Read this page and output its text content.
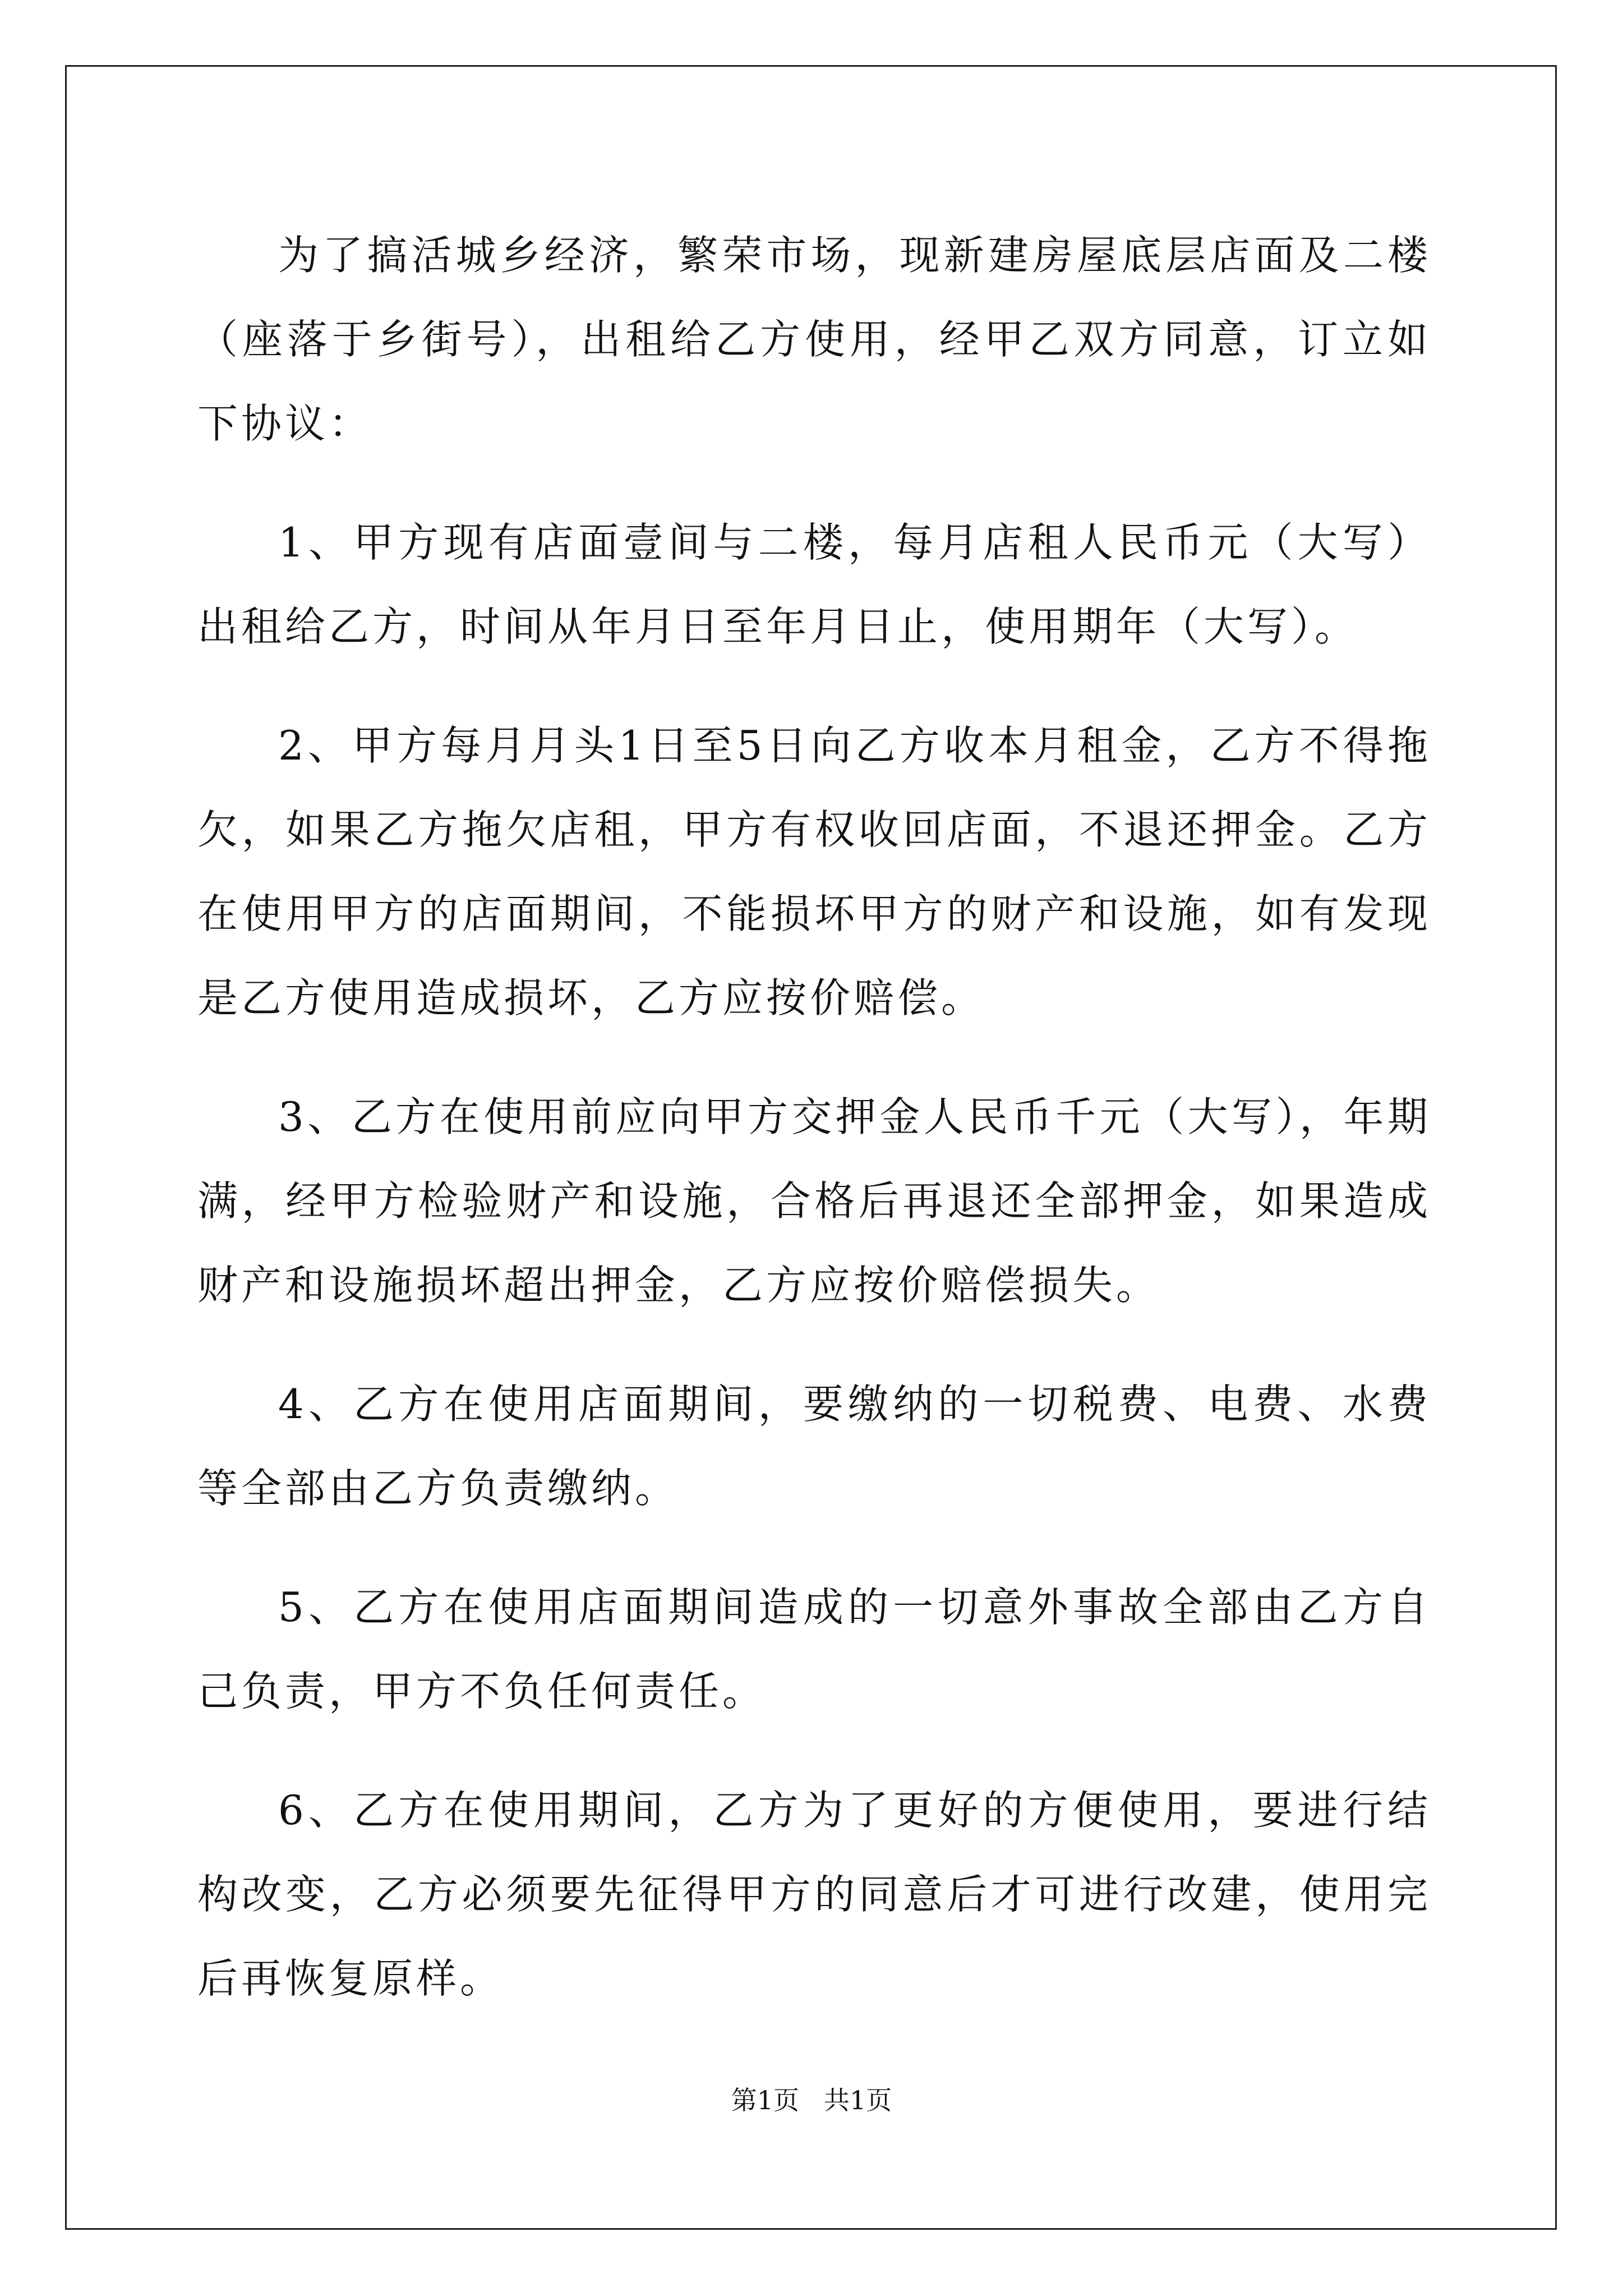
为了搞活城乡经济，繁荣市场，现新建房屋底层店面及二楼（座落于乡街号），出租给乙方使用，经甲乙双方同意，订立如下协议：

1、甲方现有店面壹间与二楼，每月店租人民币元（大写）出租给乙方，时间从年月日至年月日止，使用期年（大写）。

2、甲方每月月头1日至5日向乙方收本月租金，乙方不得拖欠，如果乙方拖欠店租，甲方有权收回店面，不退还押金。乙方在使用甲方的店面期间，不能损坏甲方的财产和设施，如有发现是乙方使用造成损坏，乙方应按价赔偿。

3、乙方在使用前应向甲方交押金人民币千元（大写），年期满，经甲方检验财产和设施，合格后再退还全部押金，如果造成财产和设施损坏超出押金，乙方应按价赔偿损失。

4、乙方在使用店面期间，要缴纳的一切税费、电费、水费等全部由乙方负责缴纳。

5、乙方在使用店面期间造成的一切意外事故全部由乙方自己负责，甲方不负任何责任。

6、乙方在使用期间，乙方为了更好的方便使用，要进行结构改变，乙方必须要先征得甲方的同意后才可进行改建，使用完后再恢复原样。

第1页 共1页
